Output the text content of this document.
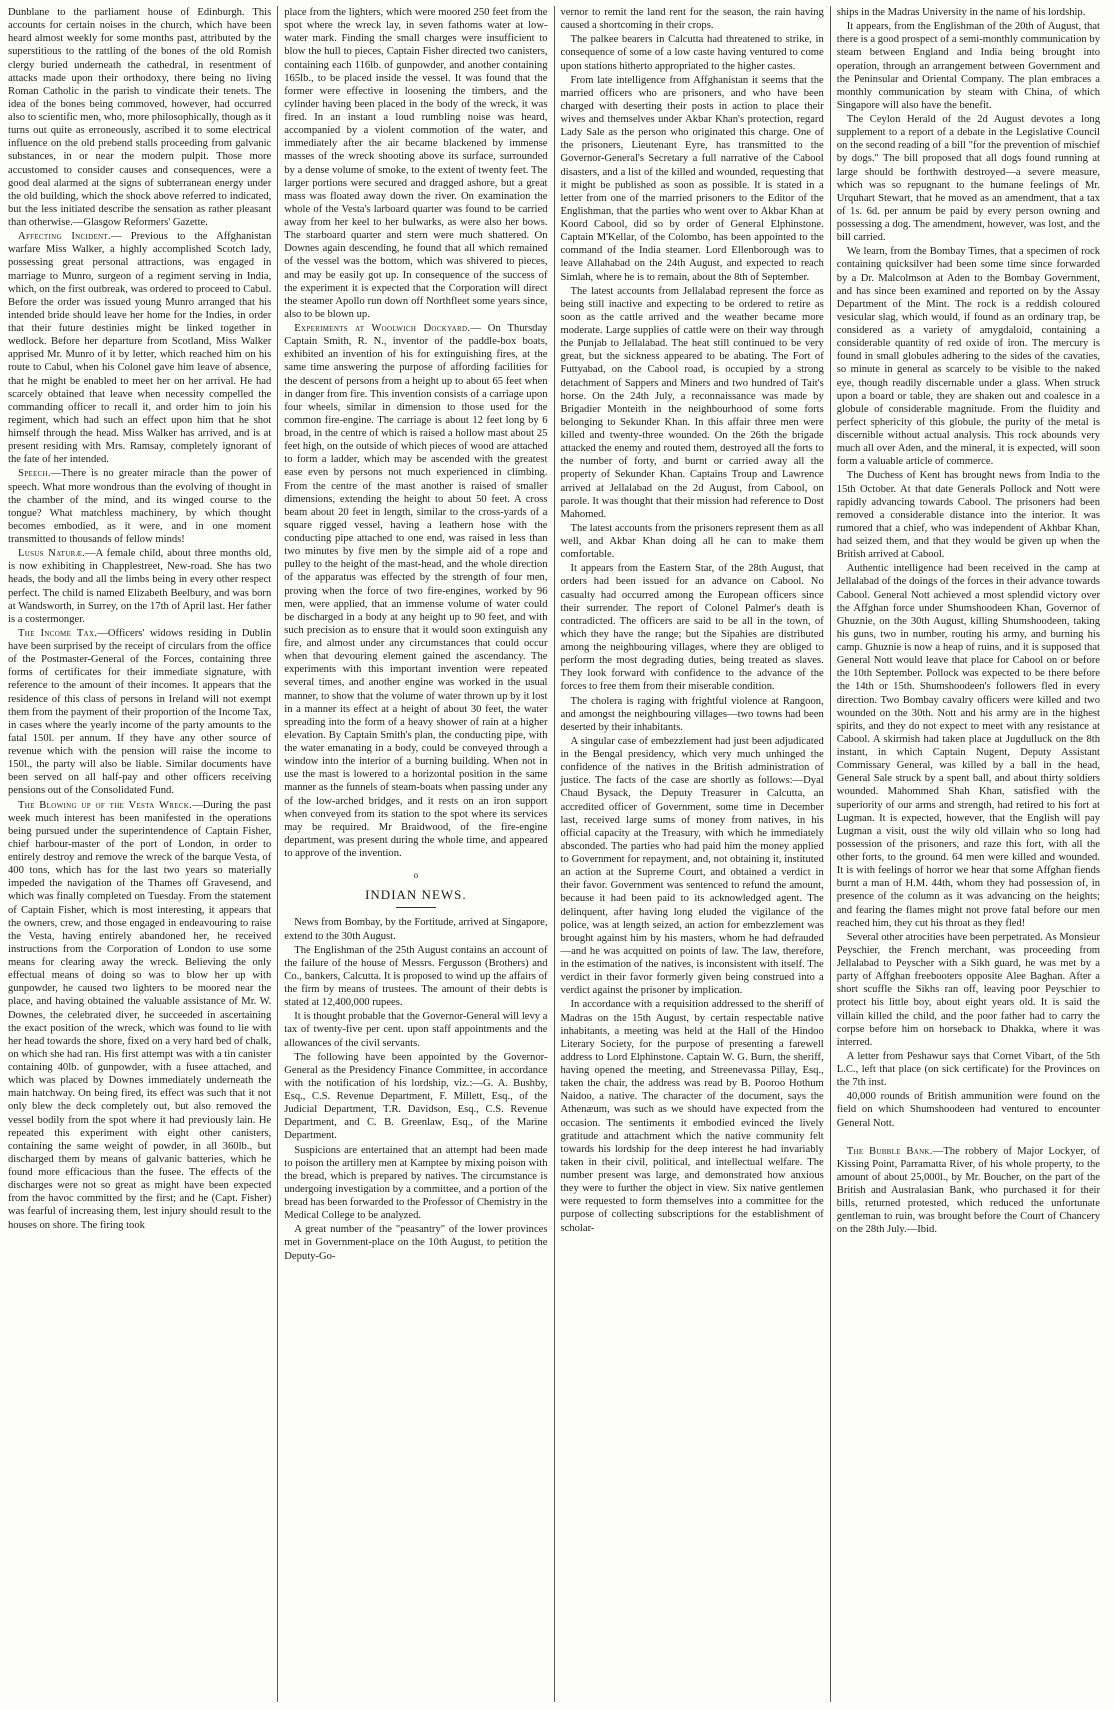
Dunblane to the parliament house of Edinburgh. This accounts for certain noises in the church, which have been heard almost weekly for some months past, attributed by the superstitious to the rattling of the bones of the old Romish clergy buried underneath the cathedral, in resentment of attacks made upon their orthodoxy, there being no living Roman Catholic in the parish to vindicate their tenets. The idea of the bones being commoved, however, had occurred also to scientific men, who, more philosophically, though as it turns out quite as erroneously, ascribed it to some electrical influence on the old prebend stalls proceeding from galvanic substances, in or near the modern pulpit. Those more accustomed to consider causes and consequences, were a good deal alarmed at the signs of subterranean energy under the old building, which the shock above referred to indicated, but the less initiated describe the sensation as rather pleasant than otherwise.—Glasgow Reformers' Gazette.

Affecting Incident.— Previous to the Affghanistan warfare Miss Walker, a highly accomplished Scotch lady, possessing great personal attractions, was engaged in marriage to Munro, surgeon of a regiment serving in India, which, on the first outbreak, was ordered to proceed to Cabul. Before the order was issued young Munro arranged that his intended bride should leave her home for the Indies, in order that their future destinies might be linked together in wedlock. Before her departure from Scotland, Miss Walker apprised Mr. Munro of it by letter, which reached him on his route to Cabul, when his Colonel gave him leave of absence, that he might be enabled to meet her on her arrival. He had scarcely obtained that leave when necessity compelled the commanding officer to recall it, and order him to join his regiment, which had such an effect upon him that he shot himself through the head. Miss Walker has arrived, and is at present residing with Mrs. Ramsay, completely ignorant of the fate of her intended.

Speech.—There is no greater miracle than the power of speech. What more wondrous than the evolving of thought in the chamber of the mind, and its winged course to the tongue? What matchless machinery, by which thought becomes embodied, as it were, and in one moment transmitted to thousands of fellow minds!

Lusus Naturæ.—A female child, about three months old, is now exhibiting in Chapplestreet, New-road. She has two heads, the body and all the limbs being in every other respect perfect. The child is named Elizabeth Beelbury, and was born at Wandsworth, in Surrey, on the 17th of April last. Her father is a costermonger.

The Income Tax.—Officers' widows residing in Dublin have been surprised by the receipt of circulars from the office of the Postmaster-General of the Forces, containing three forms of certificates for their immediate signature, with reference to the amount of their incomes. It appears that the residence of this class of persons in Ireland will not exempt them from the payment of their proportion of the Income Tax, in cases where the yearly income of the party amounts to the fatal 150l. per annum. If they have any other source of revenue which with the pension will raise the income to 150l., the party will also be liable. Similar documents have been served on all half-pay and other officers receiving pensions out of the Consolidated Fund.

The Blowing up of the Vesta Wreck.—During the past week much interest has been manifested in the operations being pursued under the superintendence of Captain Fisher, chief harbour-master of the port of London, in order to entirely destroy and remove the wreck of the barque Vesta, of 400 tons, which has for the last two years so materially impeded the navigation of the Thames off Gravesend, and which was finally completed on Tuesday. From the statement of Captain Fisher, which is most interesting, it appears that the owners, crew, and those engaged in endeavouring to raise the Vesta, having entirely abandoned her, he received instructions from the Corporation of London to use some means for clearing away the wreck. Believing the only effectual means of doing so was to blow her up with gunpowder, he caused two lighters to be moored near the place, and having obtained the valuable assistance of Mr. W. Downes, the celebrated diver, he succeeded in ascertaining the exact position of the wreck, which was found to lie with her head towards the shore, fixed on a very hard bed of chalk, on which she had ran. His first attempt was with a tin canister containing 40lb. of gunpowder, with a fusee attached, and which was placed by Downes immediately underneath the main hatchway. On being fired, its effect was such that it not only blew the deck completely out, but also removed the vessel bodily from the spot where it had previously lain. He repeated this experiment with eight other canisters, containing the same weight of powder, in all 360lb., but discharged them by means of galvanic batteries, which he found more efficacious than the fusee. The effects of the discharges were not so great as might have been expected from the havoc committed by the first; and he (Capt. Fisher) was fearful of increasing them, lest injury should result to the houses on shore. The firing took

place from the lighters, which were moored 250 feet from the spot where the wreck lay, in seven fathoms water at low-water mark. Finding the small charges were insufficient to blow the hull to pieces, Captain Fisher directed two canisters, containing each 116lb. of gunpowder, and another containing 165lb., to be placed inside the vessel. It was found that the former were effective in loosening the timbers, and the cylinder having been placed in the body of the wreck, it was fired. In an instant a loud rumbling noise was heard, accompanied by a violent commotion of the water, and immediately after the air became blackened by immense masses of the wreck shooting above its surface, surrounded by a dense volume of smoke, to the extent of twenty feet. The larger portions were secured and dragged ashore, but a great mass was floated away down the river. On examination the whole of the Vesta's larboard quarter was found to be carried away from her keel to her bulwarks, as were also her bows. The starboard quarter and stern were much shattered. On Downes again descending, he found that all which remained of the vessel was the bottom, which was shivered to pieces, and may be easily got up. In consequence of the success of the experiment it is expected that the Corporation will direct the steamer Apollo run down off Northfleet some years since, also to be blown up.

Experiments at Woolwich Dockyard.— On Thursday Captain Smith, R. N., inventor of the paddle-box boats, exhibited an invention of his for extinguishing fires, at the same time answering the purpose of affording facilities for the descent of persons from a height up to about 65 feet when in danger from fire. This invention consists of a carriage upon four wheels, similar in dimension to those used for the common fire-engine. The carriage is about 12 feet long by 6 broad, in the centre of which is raised a hollow mast about 25 feet high, on the outside of which pieces of wood are attached to form a ladder, which may be ascended with the greatest ease even by persons not much experienced in climbing. From the centre of the mast another is raised of smaller dimensions, extending the height to about 50 feet. A cross beam about 20 feet in length, similar to the cross-yards of a square rigged vessel, having a leathern hose with the conducting pipe attached to one end, was raised in less than two minutes by five men by the simple aid of a rope and pulley to the height of the mast-head, and the whole direction of the apparatus was effected by the strength of four men, proving when the force of two fire-engines, worked by 96 men, were applied, that an immense volume of water could be discharged in a body at any height up to 90 feet, and with such precision as to ensure that it would soon extinguish any fire, and almost under any circumstances that could occur when that devouring element gained the ascendancy. The experiments with this important invention were repeated several times, and another engine was worked in the usual manner, to show that the volume of water thrown up by it lost in a manner its effect at a height of about 30 feet, the water spreading into the form of a heavy shower of rain at a higher elevation. By Captain Smith's plan, the conducting pipe, with the water emanating in a body, could be conveyed through a window into the interior of a burning building. When not in use the mast is lowered to a horizontal position in the same manner as the funnels of steam-boats when passing under any of the low-arched bridges, and it rests on an iron support when conveyed from its station to the spot where its services may be required. Mr Braidwood, of the fire-engine department, was present during the whole time, and appeared to approve of the invention.

o
INDIAN NEWS.

News from Bombay, by the Fortitude, arrived at Singapore, extend to the 30th August.

The Englishman of the 25th August contains an account of the failure of the house of Messrs. Fergusson (Brothers) and Co., bankers, Calcutta. It is proposed to wind up the affairs of the firm by means of trustees. The amount of their debts is stated at 12,400,000 rupees.

It is thought probable that the Governor-General will levy a tax of twenty-five per cent. upon staff appointments and the allowances of the civil servants.

The following have been appointed by the Governor-General as the Presidency Finance Committee, in accordance with the notification of his lordship, viz.:—G. A. Bushby, Esq., C.S. Revenue Department, F. Millett, Esq., of the Judicial Department, T.R. Davidson, Esq., C.S. Revenue Department, and C. B. Greenlaw, Esq., of the Marine Department.

Suspicions are entertained that an attempt had been made to poison the artillery men at Kamptee by mixing poison with the bread, which is prepared by natives. The circumstance is undergoing investigation by a committee, and a portion of the bread has been forwarded to the Professor of Chemistry in the Medical College to be analyzed.

A great number of the "peasantry" of the lower provinces met in Government-place on the 10th August, to petition the Deputy-Go-

vernor to remit the land rent for the season, the rain having caused a shortcoming in their crops.

The palkee bearers in Calcutta had threatened to strike, in consequence of some of a low caste having ventured to come upon stations hitherto appropriated to the higher castes.

From late intelligence from Affghanistan it seems that the married officers who are prisoners, and who have been charged with deserting their posts in action to place their wives and themselves under Akbar Khan's protection, regard Lady Sale as the person who originated this charge. One of the prisoners, Lieutenant Eyre, has transmitted to the Governor-General's Secretary a full narrative of the Cabool disasters, and a list of the killed and wounded, requesting that it might be published as soon as possible. It is stated in a letter from one of the married prisoners to the Editor of the Englishman, that the parties who went over to Akbar Khan at Koord Cabool, did so by order of General Elphinstone. Captain M'Kellar, of the Colombo, has been appointed to the command of the India steamer. Lord Ellenborough was to leave Allahabad on the 24th August, and expected to reach Simlah, where he is to remain, about the 8th of September.

The latest accounts from Jellalabad represent the force as being still inactive and expecting to be ordered to retire as soon as the cattle arrived and the weather became more moderate. Large supplies of cattle were on their way through the Punjab to Jellalabad. The heat still continued to be very great, but the sickness appeared to be abating. The Fort of Futtyabad, on the Cabool road, is occupied by a strong detachment of Sappers and Miners and two hundred of Tait's horse. On the 24th July, a reconnaissance was made by Brigadier Monteith in the neighbourhood of some forts belonging to Sekunder Khan. In this affair three men were killed and twenty-three wounded. On the 26th the brigade attacked the enemy and routed them, destroyed all the forts to the number of forty, and burnt or carried away all the property of Sekunder Khan. Captains Troup and Lawrence arrived at Jellalabad on the 2d August, from Cabool, on parole. It was thought that their mission had reference to Dost Mahomed.

The latest accounts from the prisoners represent them as all well, and Akbar Khan doing all he can to make them comfortable.

It appears from the Eastern Star, of the 28th August, that orders had been issued for an advance on Cabool. No casualty had occurred among the European officers since their surrender. The report of Colonel Palmer's death is contradicted. The officers are said to be all in the town, of which they have the range; but the Sipahies are distributed among the neighbouring villages, where they are obliged to perform the most degrading duties, being treated as slaves. They look forward with confidence to the advance of the forces to free them from their miserable condition.

The cholera is raging with frightful violence at Rangoon, and amongst the neighbouring villages—two towns had been deserted by their inhabitants.

A singular case of embezzlement had just been adjudicated in the Bengal presidency, which very much unhinged the confidence of the natives in the British administration of justice. The facts of the case are shortly as follows:—Dyal Chaud Bysack, the Deputy Treasurer in Calcutta, an accredited officer of Government, some time in December last, received large sums of money from natives, in his official capacity at the Treasury, with which he immediately absconded. The parties who had paid him the money applied to Government for repayment, and, not obtaining it, instituted an action at the Supreme Court, and obtained a verdict in their favor. Government was sentenced to refund the amount, because it had been paid to its acknowledged agent. The delinquent, after having long eluded the vigilance of the police, was at length seized, an action for embezzlement was brought against him by his masters, whom he had defrauded—and he was acquitted on points of law. The law, therefore, in the estimation of the natives, is inconsistent with itself. The verdict in their favor formerly given being construed into a verdict against the prisoner by implication.

In accordance with a requisition addressed to the sheriff of Madras on the 15th August, by certain respectable native inhabitants, a meeting was held at the Hall of the Hindoo Literary Society, for the purpose of presenting a farewell address to Lord Elphinstone. Captain W. G. Burn, the sheriff, having opened the meeting, and Streenevassa Pillay, Esq., taken the chair, the address was read by B. Pooroo Hothum Naidoo, a native. The character of the document, says the Athenæum, was such as we should have expected from the occasion. The sentiments it embodied evinced the lively gratitude and attachment which the native community felt towards his lordship for the deep interest he had invariably taken in their civil, political, and intellectual welfare. The number present was large, and demonstrated how anxious they were to further the object in view. Six native gentlemen were requested to form themselves into a committee for the purpose of collecting subscriptions for the establishment of scholar-

ships in the Madras University in the name of his lordship.

It appears, from the Englishman of the 20th of August, that there is a good prospect of a semi-monthly communication by steam between England and India being brought into operation, through an arrangement between Government and the Peninsular and Oriental Company. The plan embraces a monthly communication by steam with China, of which Singapore will also have the benefit.

The Ceylon Herald of the 2d August devotes a long supplement to a report of a debate in the Legislative Council on the second reading of a bill "for the prevention of mischief by dogs." The bill proposed that all dogs found running at large should be forthwith destroyed—a severe measure, which was so repugnant to the humane feelings of Mr. Urquhart Stewart, that he moved as an amendment, that a tax of 1s. 6d. per annum be paid by every person owning and possessing a dog. The amendment, however, was lost, and the bill carried.

We learn, from the Bombay Times, that a specimen of rock containing quicksilver had been some time since forwarded by a Dr. Malcolmson at Aden to the Bombay Government, and has since been examined and reported on by the Assay Department of the Mint. The rock is a reddish coloured vesicular slag, which would, if found as an ordinary trap, be considered as a variety of amygdaloid, containing a considerable quantity of red oxide of iron. The mercury is found in small globules adhering to the sides of the cavaties, so minute in general as scarcely to be visible to the naked eye, though readily discernable under a glass. When struck upon a board or table, they are shaken out and coalesce in a globule of considerable magnitude. From the fluidity and perfect sphericity of this globule, the purity of the metal is discernible without actual analysis. This rock abounds very much all over Aden, and the mineral, it is expected, will soon form a valuable article of commerce.

The Duchess of Kent has brought news from India to the 15th October. At that date Generals Pollock and Nott were rapidly advancing towards Cabool. The prisoners had been removed a considerable distance into the interior. It was rumored that a chief, who was independent of Akhbar Khan, had seized them, and that they would be given up when the British arrived at Cabool.

Authentic intelligence had been received in the camp at Jellalabad of the doings of the forces in their advance towards Cabool. General Nott achieved a most splendid victory over the Affghan force under Shumshoodeen Khan, Governor of Ghuznie, on the 30th August, killing Shumshoodeen, taking his guns, two in number, routing his army, and burning his camp. Ghuznie is now a heap of ruins, and it is supposed that General Nott would leave that place for Cabool on or before the 10th September. Pollock was expected to be there before the 14th or 15th. Shumshoodeen's followers fled in every direction. Two Bombay cavalry officers were killed and two wounded on the 30th. Nott and his army are in the highest spirits, and they do not expect to meet with any resistance at Cabool. A skirmish had taken place at Jugdulluck on the 8th instant, in which Captain Nugent, Deputy Assistant Commissary General, was killed by a ball in the head, General Sale struck by a spent ball, and about thirty soldiers wounded. Mahommed Shah Khan, satisfied with the superiority of our arms and strength, had retired to his fort at Lugman. It is expected, however, that the English will pay Lugman a visit, oust the wily old villain who so long had possession of the prisoners, and raze this fort, with all the other forts, to the ground. 64 men were killed and wounded. It is with feelings of horror we hear that some Affghan fiends burnt a man of H.M. 44th, whom they had possession of, in presence of the column as it was advancing on the heights; and fearing the flames might not prove fatal before our men reached him, they cut his throat as they fled!

Several other atrocities have been perpetrated. As Monsieur Peyschier, the French merchant, was proceeding from Jellalabad to Peyscher with a Sikh guard, he was met by a party of Affghan freebooters opposite Alee Baghan. After a short scuffle the Sikhs ran off, leaving poor Peyschier to protect his little boy, about eight years old. It is said the villain killed the child, and the poor father had to carry the corpse before him on horseback to Dhakka, where it was interred.

A letter from Peshawur says that Cornet Vibart, of the 5th L.C., left that place (on sick certificate) for the Provinces on the 7th inst.

40,000 rounds of British ammunition were found on the field on which Shumshoodeen had ventured to encounter General Nott.

The Bubble Bank.—The robbery of Major Lockyer, of Kissing Point, Parramatta River, of his whole property, to the amount of about 25,000l., by Mr. Boucher, on the part of the British and Australasian Bank, who purchased it for their bills, returned protested, which reduced the unfortunate gentleman to ruin, was brought before the Court of Chancery on the 28th July.—Ibid.
